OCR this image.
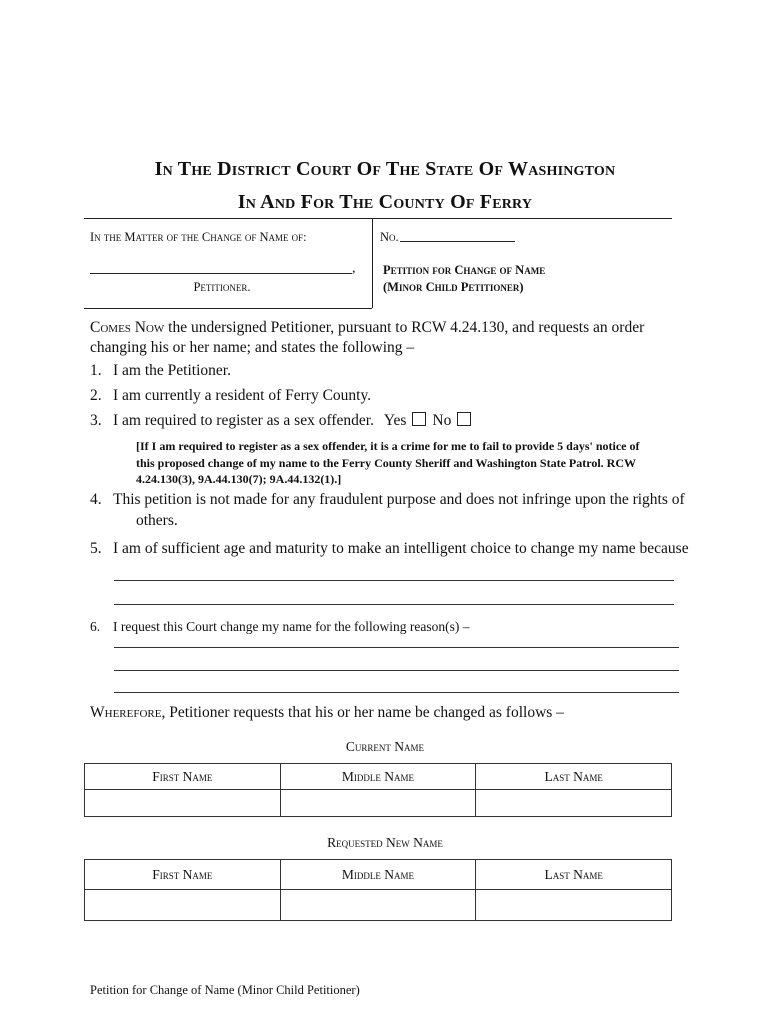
In The District Court Of The State Of Washington
In And For The County Of Ferry
In the Matter of the Change of Name of:
,
Petitioner.
No.
Petition for Change of Name
(Minor Child Petitioner)
Comes Now the undersigned Petitioner, pursuant to RCW 4.24.130, and requests an order
changing his or her name; and states the following –
1. I am the Petitioner.
2. I am currently a resident of Ferry County.
3. I am required to register as a sex offender. Yes No
[If I am required to register as a sex offender, it is a crime for me to fail to provide 5 days' notice of
this proposed change of my name to the Ferry County Sheriff and Washington State Patrol. RCW
4.24.130(3), 9A.44.130(7); 9A.44.132(1).]
4. This petition is not made for any fraudulent purpose and does not infringe upon the rights of
others.
5. I am of sufficient age and maturity to make an intelligent choice to change my name because
6. I request this Court change my name for the following reason(s) –
Wherefore, Petitioner requests that his or her name be changed as follows –
Current Name
First Name	Middle Name	Last Name

Requested New Name
First Name	Middle Name	Last Name

Petition for Change of Name (Minor Child Petitioner)
